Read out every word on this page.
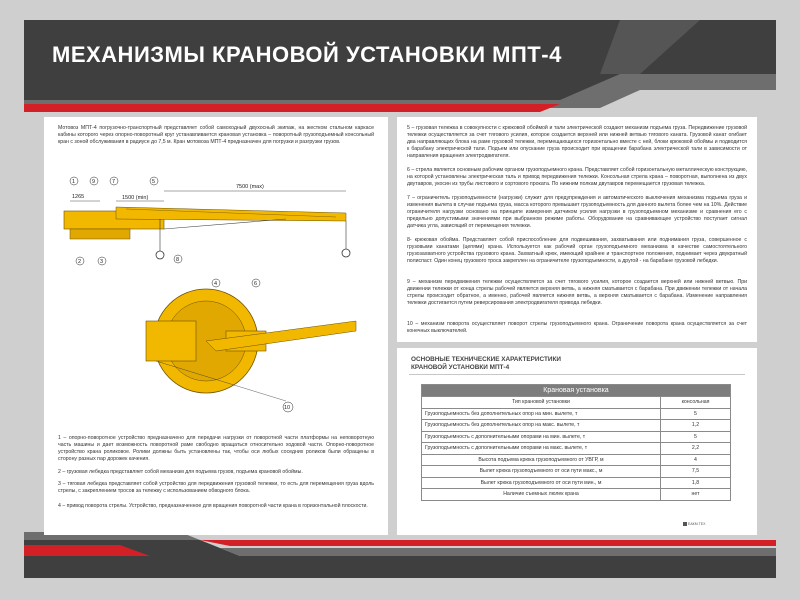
МЕХАНИЗМЫ КРАНОВОЙ УСТАНОВКИ МПТ-4
Мотовоз МПТ-4 погрузочно-транспортный представляет собой самоходный двухосный экипаж, на жестком стальном каркасе кабины которого через опорно-поворотный круг устанавливается крановая установка – поворотный грузоподъемный консольный кран с зоной обслуживания в радиусе до 7,5 м. Кран мотовоза МПТ-4 предназначен для погрузки и разгрузки грузов.
7500 (max)
1500 (min)
1265
1	9	7	5
2	3	8
4	6
10
1 – опорно-поворотное устройство предназначено для передачи нагрузки от поворотной части платформы на неповоротную часть машины и дает возможность поворотной раме свободно вращаться относительно ходовой части. Опорно-поворотное устройство крана роликовое. Ролики должны быть установлены так, чтобы оси любых соседних роликов были обращены в сторону разных пар дорожек качения.
2 – грузовая лебедка представляет собой механизм для подъема грузов, подъема крановой обоймы.
3 – тяговая лебедка представляет собой устройство для передвижения грузовой тележки, то есть для перемещения груза вдоль стрелы, с закреплением тросов за тележку с использованием обводного блока.
4 – привод поворота стрелы. Устройство, предназначенное для вращения поворотной части крана в горизонтальной плоскости.
5 – грузовая тележка в совокупности с крюковой обоймой и тали электрической создают механизм подъема груза. Передвижение грузовой тележки осуществляется за счет тягового усилия, которое создается верхней или нижней ветвью тягового каната. Грузовой канат огибает два направляющих блока на раме грузовой тележки, перемещающихся горизонтально вместе с ней, блоки крюковой обоймы и подводится к барабану электрической тали. Подъем или опускание груза происходит при вращении барабана электрической тали в зависимости от направления вращения электродвигателя.
6 – стрела является основным рабочим органом грузоподъемного крана. Представляет собой горизонтальную металлическую конструкцию, на которой установлены электрическая таль и привод передвижения тележки. Консольная стрела крана – поворотная, выполнена из двух двутавров, укосин из трубы листового и сортового проката. По нижним полкам двутавров перемещается грузовая тележка.
7 – ограничитель грузоподъемности (нагрузки) служит для предупреждения и автоматического выключения механизма подъема груза и изменения вылета в случае подъема груза, масса которого превышает грузоподъемность для данного вылета более чем на 10%. Действие ограничителя нагрузки основано на принципе измерения датчиком усилия нагрузки в грузоподъемном механизме и сравнения его с предельно допустимыми значениями при выбранном режиме работы. Оборудование на сравнивающее устройство поступает сигнал датчика угла, зависящий от перемещения тележки.
8- крюковая обойма. Представляет собой приспособление для подвешивания, захватывания или поднимания груза, совершенное с грузовыми канатами (цепями) крана. Используется как рабочий орган грузоподъемного механизма в качестве самостоятельного грузозахватного устройства грузового крана. Захватный крюк, имеющий крайнее и транспортное положения, поднимает через двукратный полиспаст. Один конец грузового троса закреплен на ограничителе грузоподъемности, а другой - на барабане грузовой лебедки.
9 – механизм передвижения тележки осуществляется за счет тягового усилия, которое создается верхней или нижней ветвью. При движении тележки от конца стрелы рабочей является верхняя ветвь, а нижняя сматывается с барабана. При движении тележки от начала стрелы происходит обратное, а именно, рабочей является нижняя ветвь, а верхняя сматывается с барабана. Изменение направления тележки достигается путем реверсирования электродвигателя привода лебедки.
10 – механизм поворота осуществляет поворот стрелы грузоподъемного крана. Ограничение поворота крана осуществляется за счет конечных выключателей.
ОСНОВНЫЕ ТЕХНИЧЕСКИЕ ХАРАКТЕРИСТИКИ
КРАНОВОЙ УСТАНОВКИ МПТ-4
Крановая установка	
Тип крановой установки	консольная
Грузоподъемность без дополнительных опор на мин. вылете, т	5
Грузоподъемность без дополнительных опор на макс. вылете, т	1,2
Грузоподъемность с дополнительными опорами на мин. вылете, т	5
Грузоподъемность с дополнительными опорами на макс. вылете, т	2,2
Высота подъема крюка грузоподъемного от УВГР, м	4
Вылет крюка грузоподъемного от оси пути макс., м	7,5
Вылет крюка грузоподъемного от оси пути мин., м	1,8
Наличие съемных люлек крана	нет
ЕАКМ.ТЕХ
